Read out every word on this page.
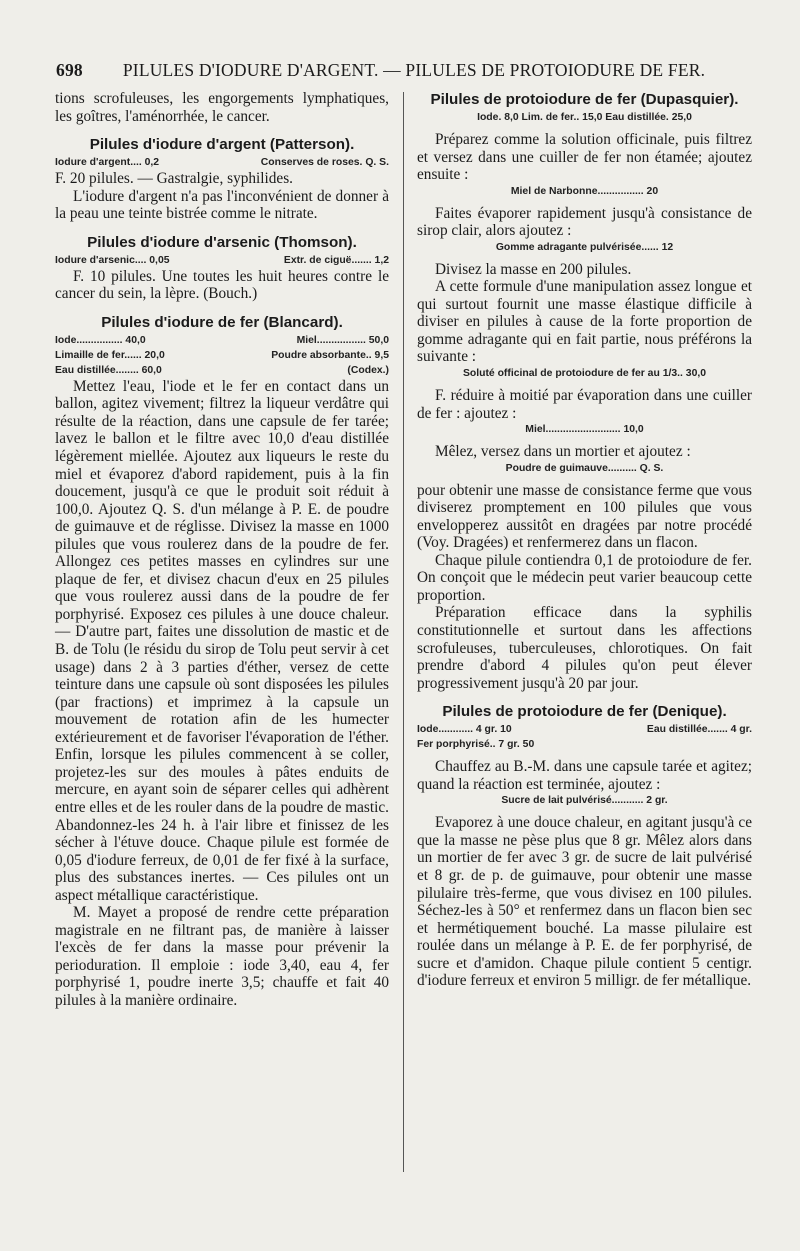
698 PILULES D'IODURE D'ARGENT. — PILULES DE PROTOIODURE DE FER.

tions scrofuleuses, les engorgements lymphatiques, les goîtres, l'aménorrhée, le cancer.

Pilules d'iodure d'argent (Patterson).
Iodure d'argent.... 0,2	Conserves de roses. Q. S.

F. 20 pilules. — Gastralgie, syphilides.

L'iodure d'argent n'a pas l'inconvénient de donner à la peau une teinte bistrée comme le nitrate.

Pilules d'iodure d'arsenic (Thomson).
Iodure d'arsenic.... 0,05	Extr. de ciguë....... 1,2

F. 10 pilules. Une toutes les huit heures contre le cancer du sein, la lèpre. (Bouch.)

Pilules d'iodure de fer (Blancard).
Iode................ 40,0	Miel................. 50,0
Limaille de fer...... 20,0	Poudre absorbante.. 9,5
Eau distillée........ 60,0	(Codex.)

Mettez l'eau, l'iode et le fer en contact dans un ballon, agitez vivement; filtrez la liqueur verdâtre qui résulte de la réaction, dans une capsule de fer tarée; lavez le ballon et le filtre avec 10,0 d'eau distillée légèrement miellée. Ajoutez aux liqueurs le reste du miel et évaporez d'abord rapidement, puis à la fin doucement, jusqu'à ce que le produit soit réduit à 100,0. Ajoutez Q. S. d'un mélange à P. E. de poudre de guimauve et de réglisse. Divisez la masse en 1000 pilules que vous roulerez dans de la poudre de fer. Allongez ces petites masses en cylindres sur une plaque de fer, et divisez chacun d'eux en 25 pilules que vous roulerez aussi dans de la poudre de fer porphyrisé. Exposez ces pilules à une douce chaleur. — D'autre part, faites une dissolution de mastic et de B. de Tolu (le résidu du sirop de Tolu peut servir à cet usage) dans 2 à 3 parties d'éther, versez de cette teinture dans une capsule où sont disposées les pilules (par fractions) et imprimez à la capsule un mouvement de rotation afin de les humecter extérieurement et de favoriser l'évaporation de l'éther. Enfin, lorsque les pilules commencent à se coller, projetez-les sur des moules à pâtes enduits de mercure, en ayant soin de séparer celles qui adhèrent entre elles et de les rouler dans de la poudre de mastic. Abandonnez-les 24 h. à l'air libre et finissez de les sécher à l'étuve douce. Chaque pilule est formée de 0,05 d'iodure ferreux, de 0,01 de fer fixé à la surface, plus des substances inertes. — Ces pilules ont un aspect métallique caractéristique.

M. Mayet a proposé de rendre cette préparation magistrale en ne filtrant pas, de manière à laisser l'excès de fer dans la masse pour prévenir la perioduration. Il emploie : iode 3,40, eau 4, fer porphyrisé 1, poudre inerte 3,5; chauffe et fait 40 pilules à la manière ordinaire.

Pilules de protoiodure de fer (Dupasquier).
Iode. 8,0 Lim. de fer.. 15,0 Eau distillée. 25,0

Préparez comme la solution officinale, puis filtrez et versez dans une cuiller de fer non étamée; ajoutez ensuite :

Miel de Narbonne................ 20

Faites évaporer rapidement jusqu'à consistance de sirop clair, alors ajoutez :

Gomme adragante pulvérisée...... 12

Divisez la masse en 200 pilules.

A cette formule d'une manipulation assez longue et qui surtout fournit une masse élastique difficile à diviser en pilules à cause de la forte proportion de gomme adragante qui en fait partie, nous préférons la suivante :

Soluté officinal de protoiodure de fer au 1/3.. 30,0

F. réduire à moitié par évaporation dans une cuiller de fer : ajoutez :

Miel.......................... 10,0

Mêlez, versez dans un mortier et ajoutez :

Poudre de guimauve.......... Q. S.

pour obtenir une masse de consistance ferme que vous diviserez promptement en 100 pilules que vous envelopperez aussitôt en dragées par notre procédé (Voy. Dragées) et renfermerez dans un flacon.

Chaque pilule contiendra 0,1 de protoiodure de fer. On conçoit que le médecin peut varier beaucoup cette proportion.

Préparation efficace dans la syphilis constitutionnelle et surtout dans les affections scrofuleuses, tuberculeuses, chlorotiques. On fait prendre d'abord 4 pilules qu'on peut élever progressivement jusqu'à 20 par jour.

Pilules de protoiodure de fer (Denique).
Iode............ 4 gr. 10	Eau distillée....... 4 gr.
Fer porphyrisé.. 7 gr. 50

Chauffez au B.-M. dans une capsule tarée et agitez; quand la réaction est terminée, ajoutez :

Sucre de lait pulvérisé........... 2 gr.

Evaporez à une douce chaleur, en agitant jusqu'à ce que la masse ne pèse plus que 8 gr. Mêlez alors dans un mortier de fer avec 3 gr. de sucre de lait pulvérisé et 8 gr. de p. de guimauve, pour obtenir une masse pilulaire très-ferme, que vous divisez en 100 pilules. Séchez-les à 50° et renfermez dans un flacon bien sec et hermétiquement bouché. La masse pilulaire est roulée dans un mélange à P. E. de fer porphyrisé, de sucre et d'amidon. Chaque pilule contient 5 centigr. d'iodure ferreux et environ 5 milligr. de fer métallique.
